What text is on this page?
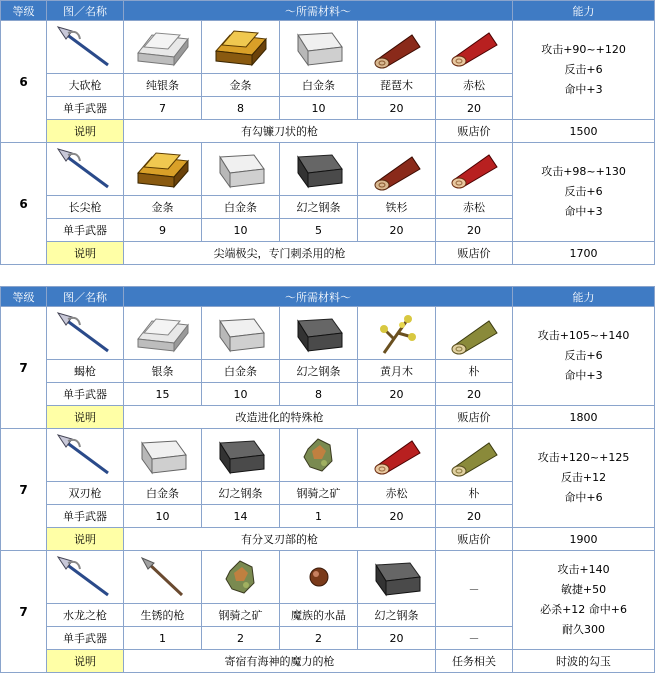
等级	图／名称	～所需材料～					能力
6							攻击+90~+120
反击+6
命中+3

	大砍枪	纯银条	金条	白金条	琵琶木	赤松	
	单手武器	7	8	10	20	20	
	说明	有勾镰刀状的枪				贩店价	1500
6							攻击+98~+130
反击+6
命中+3

	长尖枪	金条	白金条	幻之钢条	铁杉	赤松	
	单手武器	9	10	5	20	20	
	说明	尖端极尖，专门刺杀用的枪				贩店价	1700
等级	图／名称	～所需材料～					能力
7							攻击+105~+140
反击+6
命中+3

	蝎枪	银条	白金条	幻之钢条	黄月木	朴	
	单手武器	15	10	8	20	20	
	说明	改造进化的特殊枪				贩店价	1800
7							攻击+120~+125
反击+12
命中+6

	双刃枪	白金条	幻之钢条	钢骑之矿	赤松	朴	
	单手武器	10	14	1	20	20	
	说明	有分叉刃部的枪				贩店价	1900
7						－	攻击+140
敏捷+50
必杀+12 命中+6
耐久300

	水龙之枪	生锈的枪	钢骑之矿	魔族的水晶	幻之钢条		
	单手武器	1	2	2	20	－	
	说明	寄宿有海神的魔力的枪				任务相关	时波的勾玉
